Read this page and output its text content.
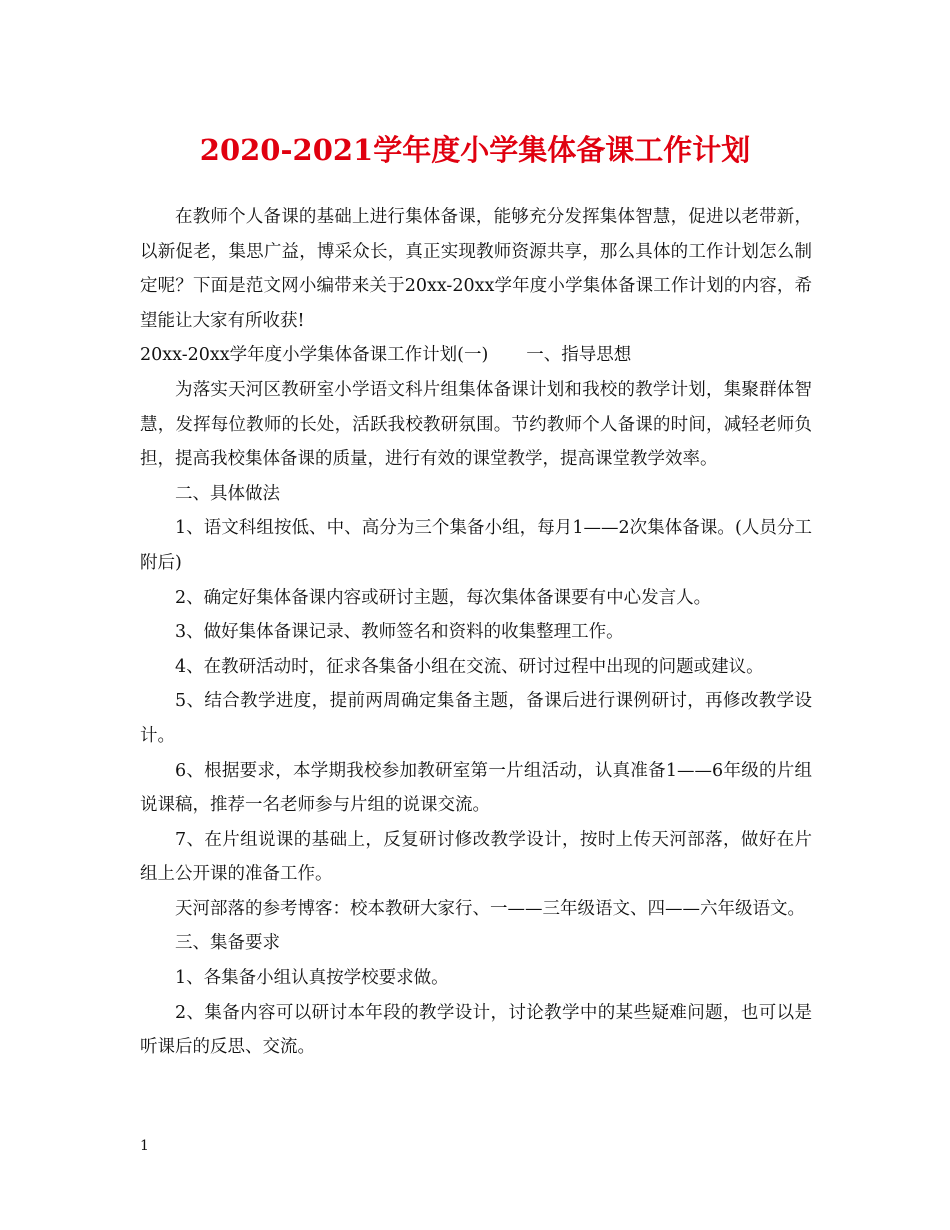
2020-2021学年度小学集体备课工作计划

在教师个人备课的基础上进行集体备课，能够充分发挥集体智慧，促进以老带新，以新促老，集思广益，博采众长，真正实现教师资源共享，那么具体的工作计划怎么制定呢？下面是范文网小编带来关于20xx-20xx学年度小学集体备课工作计划的内容，希望能让大家有所收获!

20xx-20xx学年度小学集体备课工作计划(一) 一、指导思想

为落实天河区教研室小学语文科片组集体备课计划和我校的教学计划，集聚群体智慧，发挥每位教师的长处，活跃我校教研氛围。节约教师个人备课的时间，减轻老师负担，提高我校集体备课的质量，进行有效的课堂教学，提高课堂教学效率。

二、具体做法

1、语文科组按低、中、高分为三个集备小组，每月1——2次集体备课。(人员分工附后)

2、确定好集体备课内容或研讨主题，每次集体备课要有中心发言人。

3、做好集体备课记录、教师签名和资料的收集整理工作。

4、在教研活动时，征求各集备小组在交流、研讨过程中出现的问题或建议。

5、结合教学进度，提前两周确定集备主题，备课后进行课例研讨，再修改教学设计。

6、根据要求，本学期我校参加教研室第一片组活动，认真准备1——6年级的片组说课稿，推荐一名老师参与片组的说课交流。

7、在片组说课的基础上，反复研讨修改教学设计，按时上传天河部落，做好在片组上公开课的准备工作。

天河部落的参考博客：校本教研大家行、一——三年级语文、四——六年级语文。

三、集备要求

1、各集备小组认真按学校要求做。

2、集备内容可以研讨本年段的教学设计，讨论教学中的某些疑难问题，也可以是听课后的反思、交流。

1
